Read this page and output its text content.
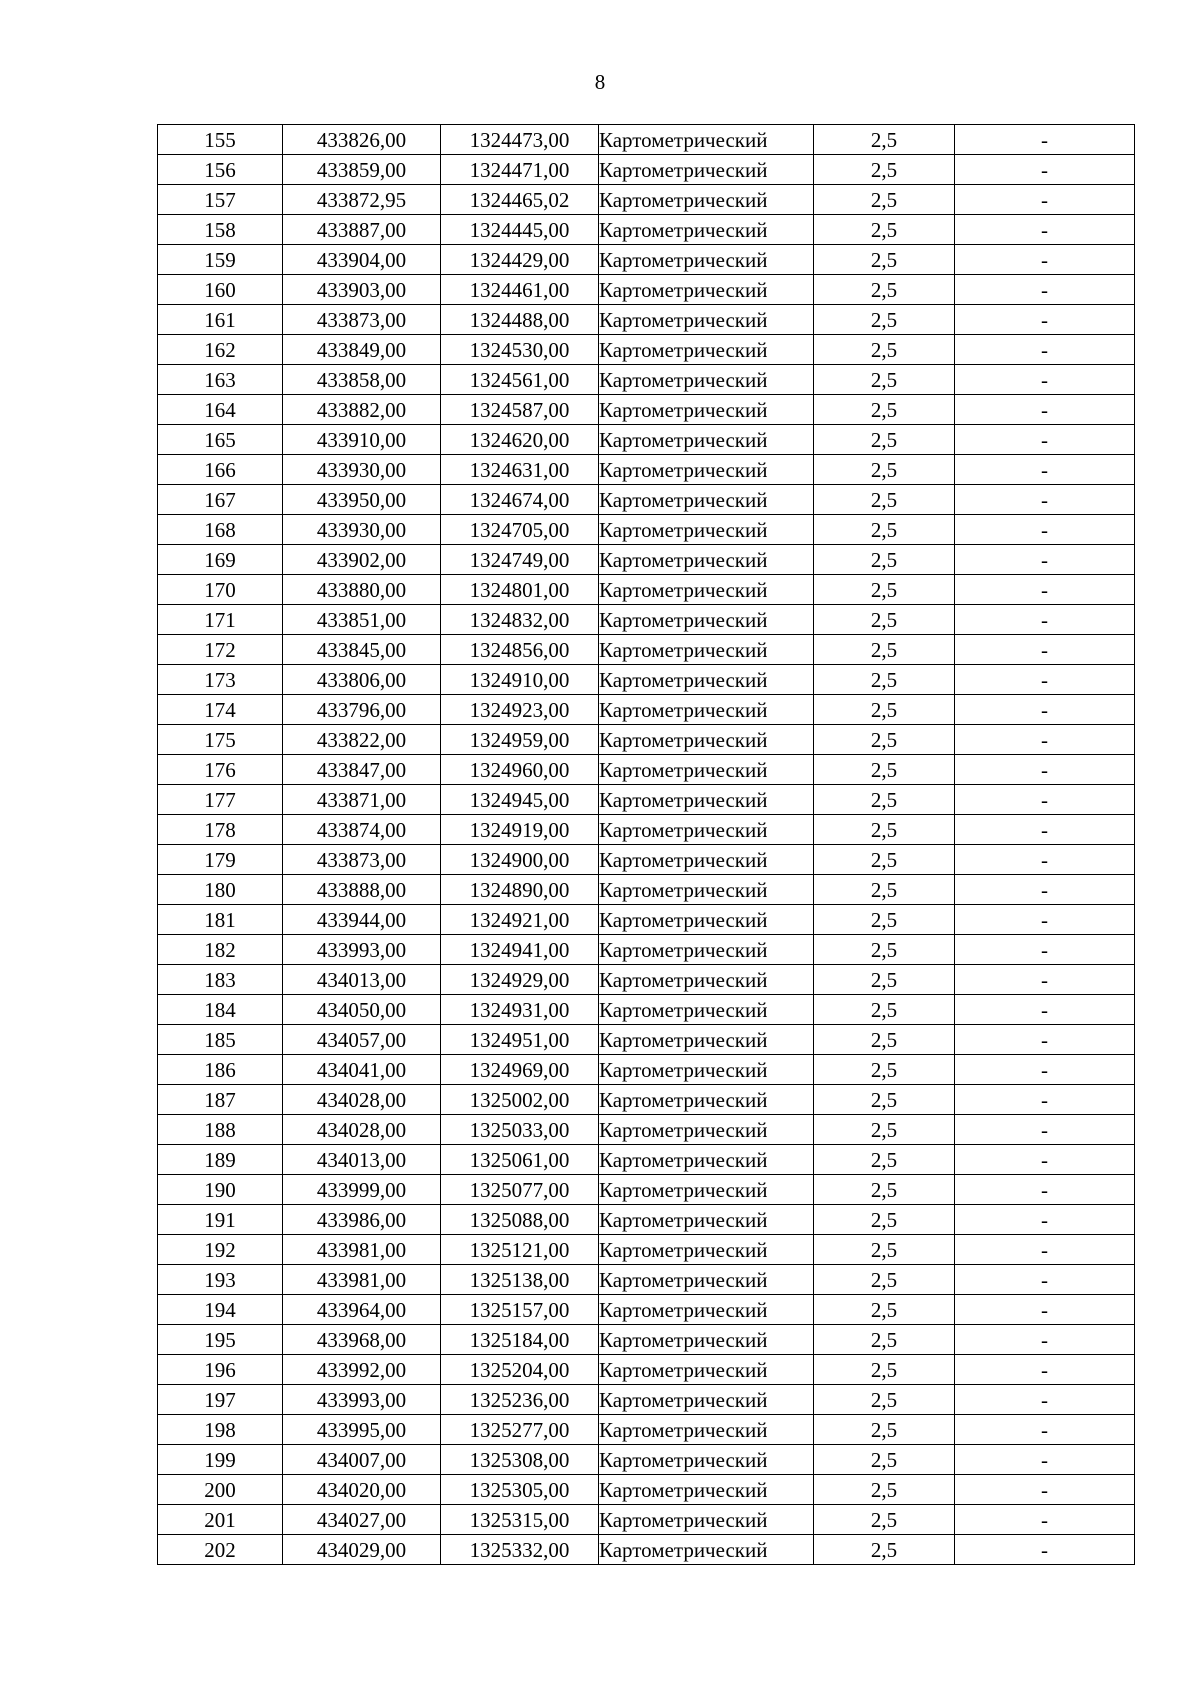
8
155	433826,00	1324473,00	Картометрический	2,5	-
156	433859,00	1324471,00	Картометрический	2,5	-
157	433872,95	1324465,02	Картометрический	2,5	-
158	433887,00	1324445,00	Картометрический	2,5	-
159	433904,00	1324429,00	Картометрический	2,5	-
160	433903,00	1324461,00	Картометрический	2,5	-
161	433873,00	1324488,00	Картометрический	2,5	-
162	433849,00	1324530,00	Картометрический	2,5	-
163	433858,00	1324561,00	Картометрический	2,5	-
164	433882,00	1324587,00	Картометрический	2,5	-
165	433910,00	1324620,00	Картометрический	2,5	-
166	433930,00	1324631,00	Картометрический	2,5	-
167	433950,00	1324674,00	Картометрический	2,5	-
168	433930,00	1324705,00	Картометрический	2,5	-
169	433902,00	1324749,00	Картометрический	2,5	-
170	433880,00	1324801,00	Картометрический	2,5	-
171	433851,00	1324832,00	Картометрический	2,5	-
172	433845,00	1324856,00	Картометрический	2,5	-
173	433806,00	1324910,00	Картометрический	2,5	-
174	433796,00	1324923,00	Картометрический	2,5	-
175	433822,00	1324959,00	Картометрический	2,5	-
176	433847,00	1324960,00	Картометрический	2,5	-
177	433871,00	1324945,00	Картометрический	2,5	-
178	433874,00	1324919,00	Картометрический	2,5	-
179	433873,00	1324900,00	Картометрический	2,5	-
180	433888,00	1324890,00	Картометрический	2,5	-
181	433944,00	1324921,00	Картометрический	2,5	-
182	433993,00	1324941,00	Картометрический	2,5	-
183	434013,00	1324929,00	Картометрический	2,5	-
184	434050,00	1324931,00	Картометрический	2,5	-
185	434057,00	1324951,00	Картометрический	2,5	-
186	434041,00	1324969,00	Картометрический	2,5	-
187	434028,00	1325002,00	Картометрический	2,5	-
188	434028,00	1325033,00	Картометрический	2,5	-
189	434013,00	1325061,00	Картометрический	2,5	-
190	433999,00	1325077,00	Картометрический	2,5	-
191	433986,00	1325088,00	Картометрический	2,5	-
192	433981,00	1325121,00	Картометрический	2,5	-
193	433981,00	1325138,00	Картометрический	2,5	-
194	433964,00	1325157,00	Картометрический	2,5	-
195	433968,00	1325184,00	Картометрический	2,5	-
196	433992,00	1325204,00	Картометрический	2,5	-
197	433993,00	1325236,00	Картометрический	2,5	-
198	433995,00	1325277,00	Картометрический	2,5	-
199	434007,00	1325308,00	Картометрический	2,5	-
200	434020,00	1325305,00	Картометрический	2,5	-
201	434027,00	1325315,00	Картометрический	2,5	-
202	434029,00	1325332,00	Картометрический	2,5	-
